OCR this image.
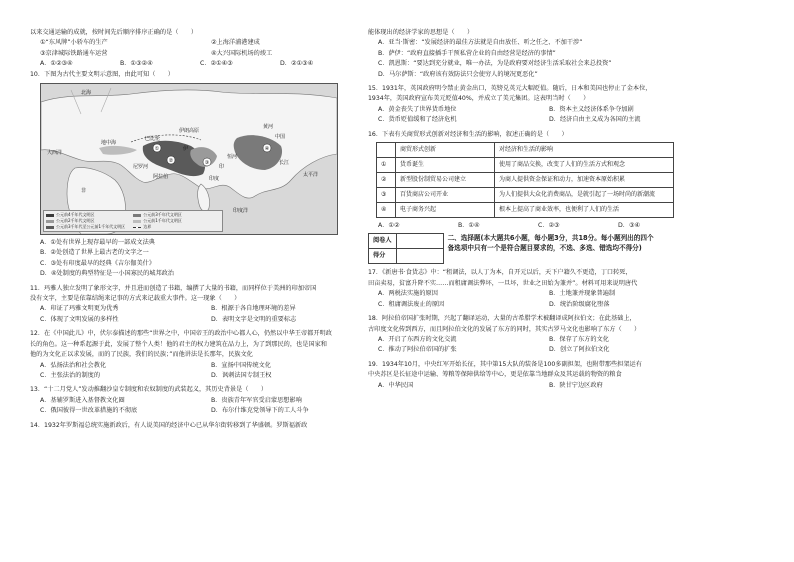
以来交通运输的成就，按时间先后顺序排序正确的是（　　）
①“东风牌”小轿车的生产	②上海洋浦港建成
③京津城际铁路通车运营	④大兴国际机场的竣工
A．①②③④	B．①③②④	C．②①④③	D．②①③④
10．下图为古代主要文明示意图，由此可知（　　）
①
②	③
④
北海
地中海
非
伊朗高原
阿拉伯
伊
巴比伦
印
印度
中国
大西洋
太平洋
印度洋
黄河
长江
恒河
尼罗河
公元前4千年代文明区	公元前3千年代文明区 公元前2千年代文明区	公元前1千年代文明区 公元前3千年代至公元前1千年代文明区	边界
A．①处有世界上现存最早的一部成文法典
B．②处创造了世界上最古老的文字之一
C．③处有印度最早的经典《吉尔伽美什》
D．④处制度的典型特征是一小国寡民的城邦政治
11．玛雅人独立发明了象形文字，并且进而创造了书籍，编撰了大量的书籍，而同样位于美洲的印加帝国
没有文字，主要是依靠结绳来记事的方式来记载重大事件。这一现象（　　）
A．印证了玛雅文明更为优秀	B．根源于各自地理环境的差异
C．体现了文明发展的多样性	D．表明文字是文明的重要标志
12．在《中国此儿》中，伏尔泰描述的那些“世界之中，中国帝王的政治中心都人心，仍然以中华王帝都开明政
长的角色。这一种系起源于此，发展了整个人类！他的君主的权力建筑在品力上，为了到那民的，也是国家和
他的为文化正以求发展，而的了民族，我们的民族；”而他讲法是长那年，民族文化
A．弘扬法治和社会教化	B．宣扬中国传统文化
C．主张法治的制度的	D．讽刺法国专制王权
13．“十二月党人”发动推翻沙皇专制度和农奴制度的武装起义，其历史背景是（　　）
A．基辅罗斯进入基督教文化圈	B．贵族青年军官受启蒙思想影响
C．俄国彼得一世改革措施的不彻底	D．布尔什维克党领导下的工人斗争
14．1932年罗斯福总统实施新政后，有人说美国的经济中心已从华尔街转移到了华盛顿。罗斯福新政
能体现出的经济学家的思想是（　　）
A．亚当·斯密：“发展经济的最佳方法就是自由放任、听之任之、不加干涉”
B．萨伊：“政府直接插手干预私营企业的自由经营是经济的事情”
C．凯恩斯：“要达到充分就业，唯一办法，为是政府要对经济生活采取社会来总投资”
D．马尔萨斯：“政府该有效防法只会使穷人的境况更恶化”
15．1931年，英国政府明令禁止黄金出口，英镑兑英元大幅贬值。随后，日本和美国也停止了金本位，
1934年，美国政府宣布美元贬值40%，并成立了美元集团。这表明当时（　　）
A．黄金丧失了世界货币地位	B．资本主义经济体系争夺加剧
C．货币贬值缓和了经济危机	D．经济自由主义成为各国的主流
16．下表有关商贸形式创新对经济和生活的影响，叙述正确的是（　　）
	商贸形式创新	对经济和生活的影响
①	货币诞生	使用了商品交换，改变了人们的生活方式和观念
②	新型股份制贸易公司建立	为商人提供资金保证和动力，加速资本原始积累
③	百货商店公司开业	为人们提供大众化消费商品，是就引起了一场时尚的新潮流
④	电子商务兴起	根本上提高了商业效率，也便利了人们的生活
A．①②	B．①④	C．②③	D．③④
阅卷人	
得分	
二、选择题(本大题共6小题，每小题3分，共18分。每小题列出的四个
备选项中只有一个是符合题目要求的，不选、多选、错选均不得分)
17．《新唐书·食货志》中：“租调法，以人丁为本，自开元以后，天下户籍久不更造，丁口转死，
田亩卖易，贫富升降不实……而租庸调法弊坏，一旦坏，世业之田始为兼并”。材料可用来说明唐代
A．两税法实施的原因	B．土地兼并现象普遍制
C．租庸调法废止的原因	D．统治阶级腐化堕落
18．阿拉伯帝国扩张时期，兴起了翻译运动，大量的古希腊学术被翻译成阿拉伯文；在此基础上，
古印度文化传到西方，而且阿拉伯文化的发展了东方的同时，其实古罗马文化也影响了东方（　　）
A．开启了东西方的文化交流	B．保存了东方的文化
C．推动了阿拉伯帝国的扩张	D．创立了阿拉伯文化
19．1934年10月，中央红军开始长征，其中第15大队的装备是100多副担架，也附带那些担架运有
中央苏区是长征途中运输、筹粮等保障供给等中心，更是依靠当地群众及其运载的物资的粮食
A．中华民国	B．陕甘宁边区政府
